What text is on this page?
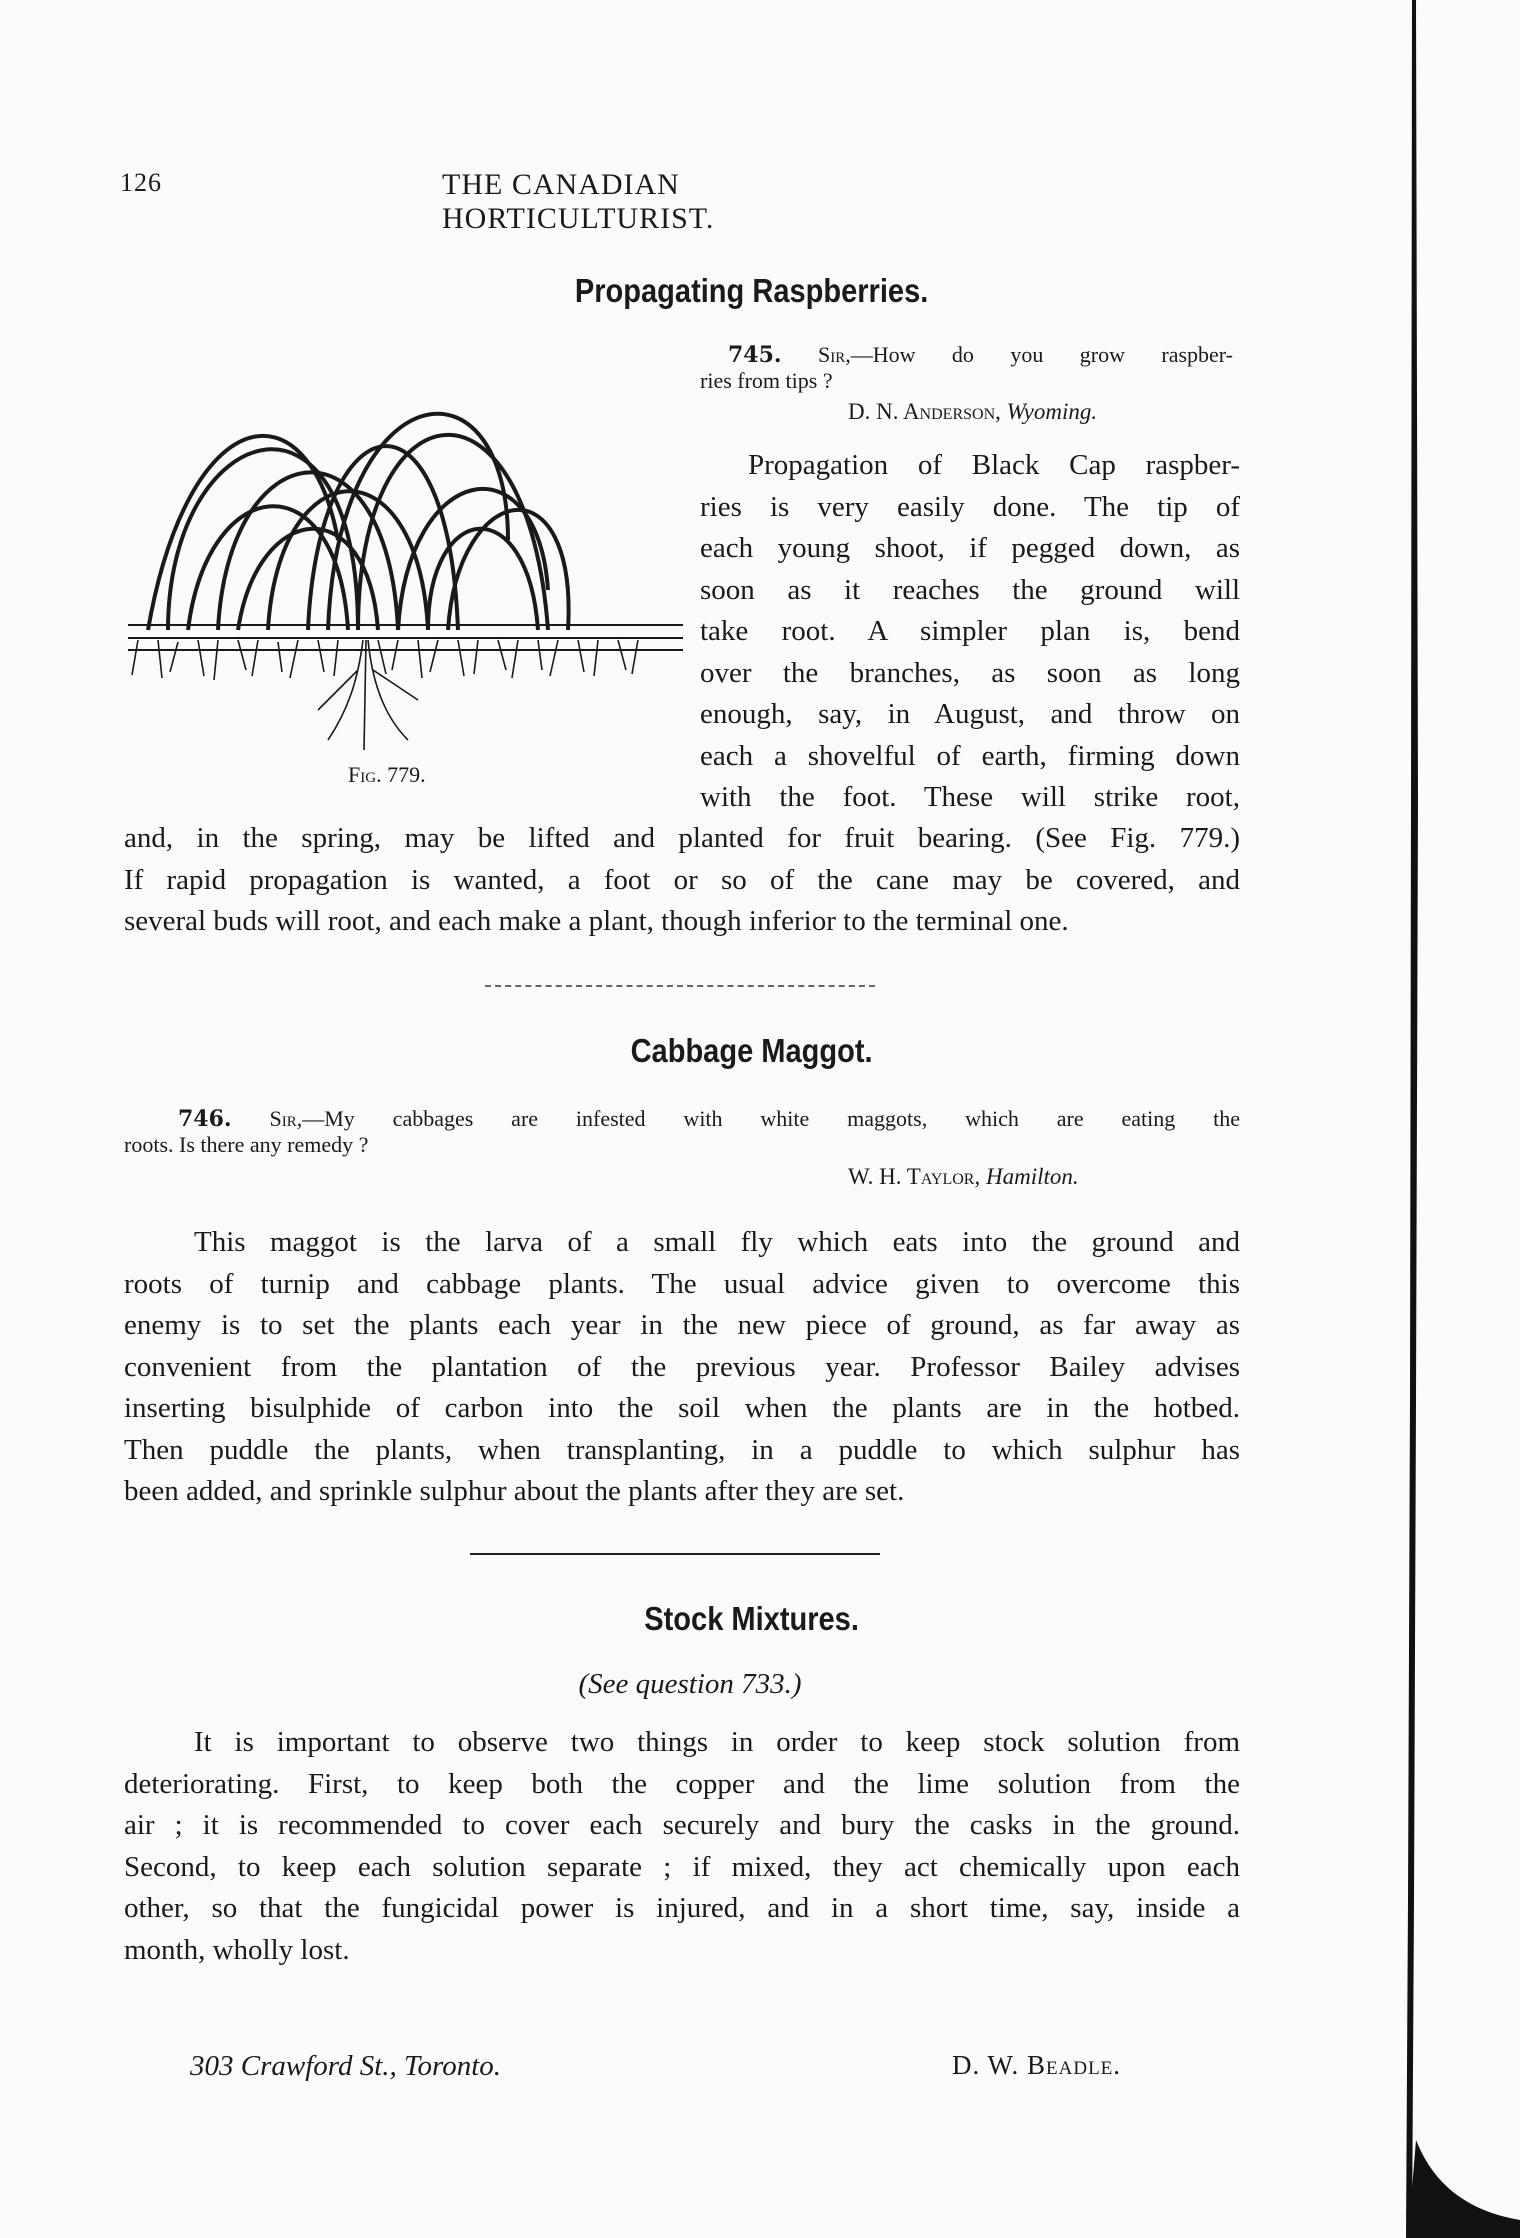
126	THE CANADIAN HORTICULTURIST.
Propagating Raspberries.
Fig. 779.
745. Sir,—How do you grow raspber-
ries from tips ?
D. N. Anderson, Wyoming.
Propagation of Black Cap raspber-
ries is very easily done. The tip of
each young shoot, if pegged down, as
soon as it reaches the ground will
take root. A simpler plan is, bend
over the branches, as soon as long
enough, say, in August, and throw on
each a shovelful of earth, firming down
with the foot. These will strike root,
and, in the spring, may be lifted and planted for fruit bearing. (See Fig. 779.)
If rapid propagation is wanted, a foot or so of the cane may be covered, and
several buds will root, and each make a plant, though inferior to the terminal one.
Cabbage Maggot.
746. Sir,—My cabbages are infested with white maggots, which are eating the
roots. Is there any remedy ?
W. H. Taylor, Hamilton.
This maggot is the larva of a small fly which eats into the ground and
roots of turnip and cabbage plants. The usual advice given to overcome this
enemy is to set the plants each year in the new piece of ground, as far away as
convenient from the plantation of the previous year. Professor Bailey advises
inserting bisulphide of carbon into the soil when the plants are in the hotbed.
Then puddle the plants, when transplanting, in a puddle to which sulphur has
been added, and sprinkle sulphur about the plants after they are set.
Stock Mixtures.
(See question 733.)
It is important to observe two things in order to keep stock solution from
deteriorating. First, to keep both the copper and the lime solution from the
air ; it is recommended to cover each securely and bury the casks in the ground.
Second, to keep each solution separate ; if mixed, they act chemically upon each
other, so that the fungicidal power is injured, and in a short time, say, inside a
month, wholly lost.
303 Crawford St., Toronto.	D. W. Beadle.
